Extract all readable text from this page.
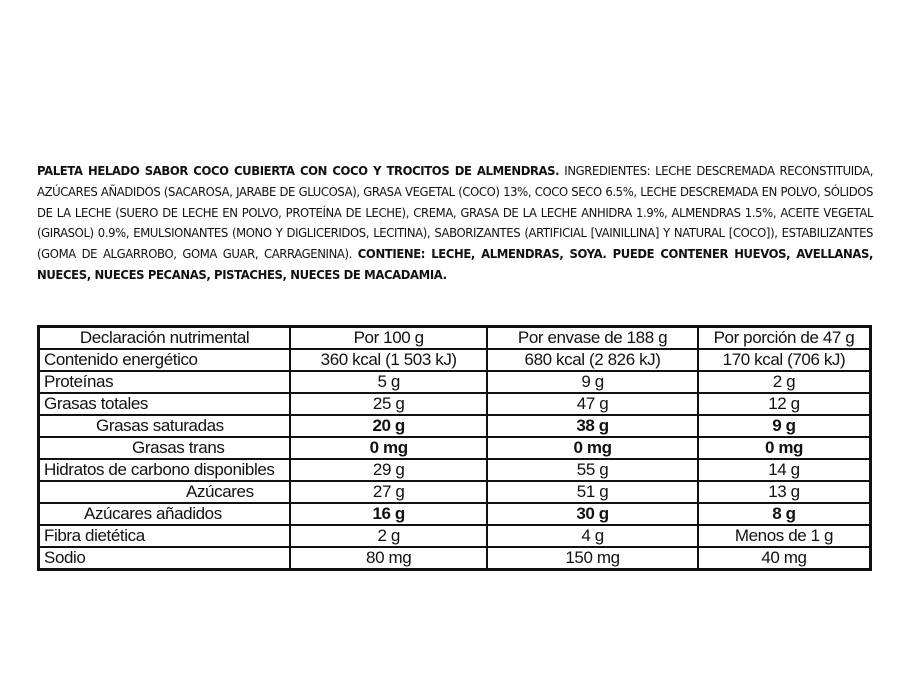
PALETA HELADO SABOR COCO CUBIERTA CON COCO Y TROCITOS DE ALMENDRAS. INGREDIENTES: LECHE DESCREMADA RECONSTITUIDA, AZÚCARES AÑADIDOS (SACAROSA, JARABE DE GLUCOSA), GRASA VEGETAL (COCO) 13%, COCO SECO 6.5%, LECHE DESCREMADA EN POLVO, SÓLIDOS DE LA LECHE (SUERO DE LECHE EN POLVO, PROTEÍNA DE LECHE), CREMA, GRASA DE LA LECHE ANHIDRA 1.9%, ALMENDRAS 1.5%, ACEITE VEGETAL (GIRASOL) 0.9%, EMULSIONANTES (MONO Y DIGLICERIDOS, LECITINA), SABORIZANTES (ARTIFICIAL [VAINILLINA] Y NATURAL [COCO]), ESTABILIZANTES (GOMA DE ALGARROBO, GOMA GUAR, CARRAGENINA). CONTIENE: LECHE, ALMENDRAS, SOYA. PUEDE CONTENER HUEVOS, AVELLANAS, NUECES, NUECES PECANAS, PISTACHES, NUECES DE MACADAMIA.
Declaración nutrimental	Por 100 g	Por envase de 188 g	Por porción de 47 g
Contenido energético	360 kcal (1 503 kJ)	680 kcal (2 826 kJ)	170 kcal (706 kJ)
Proteínas	5 g	9 g	2 g
Grasas totales	25 g	47 g	12 g
Grasas saturadas	20 g	38 g	9 g
Grasas trans	0 mg	0 mg	0 mg
Hidratos de carbono disponibles	29 g	55 g	14 g
Azúcares	27 g	51 g	13 g
Azúcares añadidos	16 g	30 g	8 g
Fibra dietética	2 g	4 g	Menos de 1 g
Sodio	80 mg	150 mg	40 mg
